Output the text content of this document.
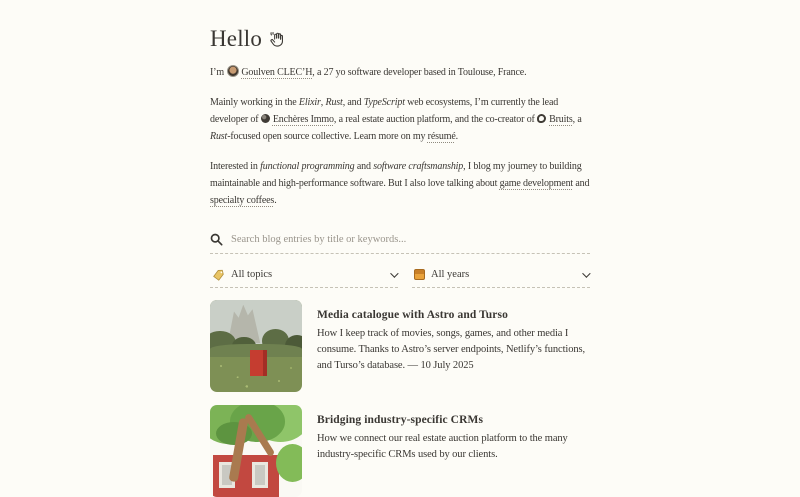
Hello

I’m Goulven CLEC’H, a 27 yo software developer based in Toulouse, France.

Mainly working in the Elixir, Rust, and TypeScript web ecosystems, I’m currently the lead developer of Enchères Immo, a real estate auction platform, and the co-creator of Bruits, a Rust-focused open source collective. Learn more on my résumé.

Interested in functional programming and software craftsmanship, I blog my journey to building maintainable and high-performance software. But I also love talking about game development and specialty coffees.

Search blog entries by title or keywords...
All topics	All years
Media catalogue with Astro and Turso
How I keep track of movies, songs, games, and other media I consume. Thanks to Astro’s server endpoints, Netlify’s functions, and Turso’s database. — 10 July 2025
Bridging industry-specific CRMs
How we connect our real estate auction platform to the many industry-specific CRMs used by our clients.
